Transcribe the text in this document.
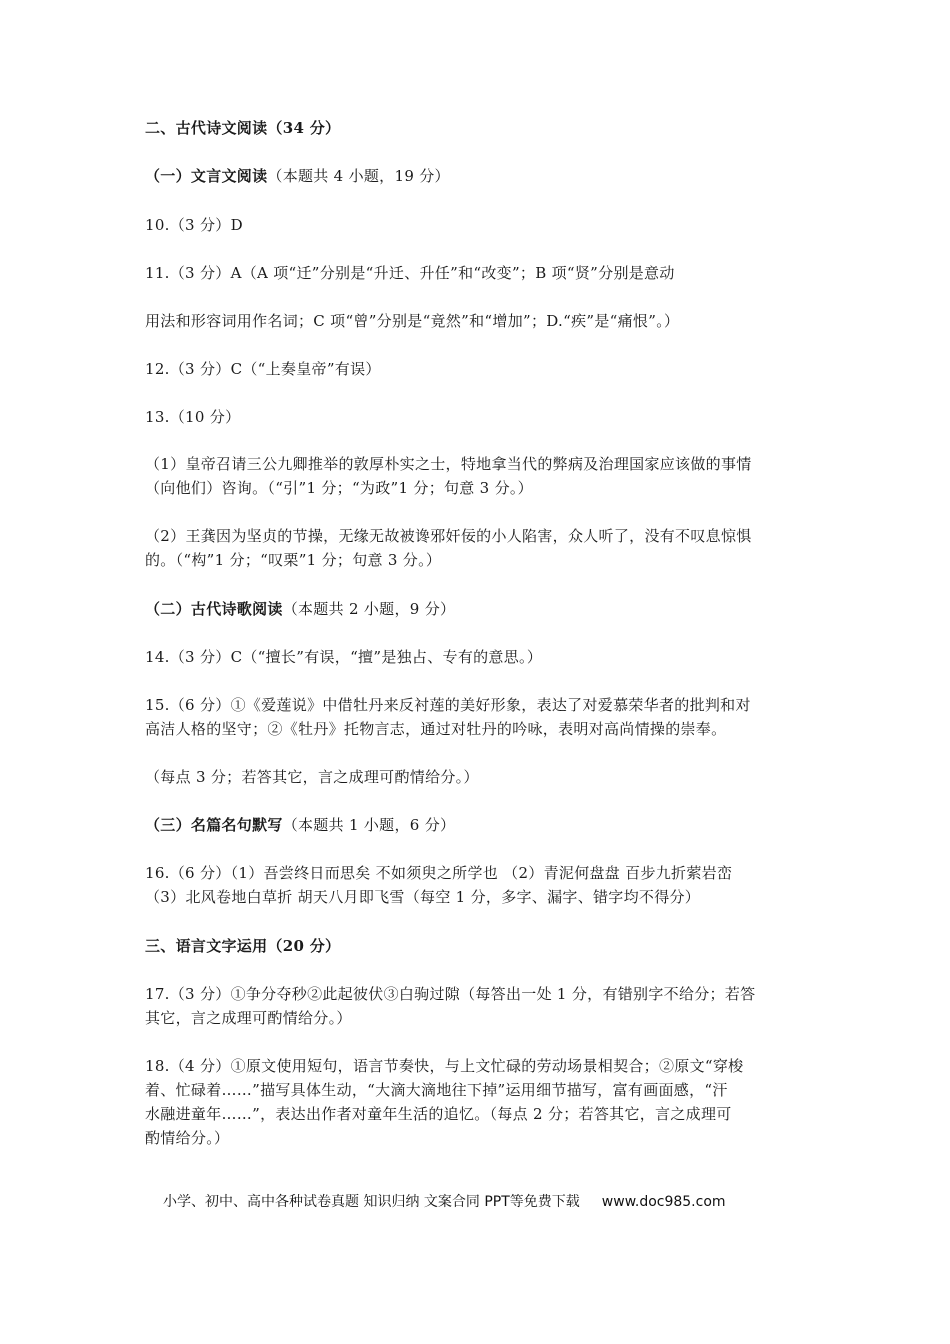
二、古代诗文阅读（34 分）
（一）文言文阅读（本题共 4 小题，19 分）
10.（3 分）D
11.（3 分）A（A 项“迁”分别是“升迁、升任”和“改变”；B 项“贤”分别是意动
用法和形容词用作名词；C 项“曾”分别是“竟然”和“增加”；D.“疾”是“痛恨”。）
12.（3 分）C（“上奏皇帝”有误）
13.（10 分）
（1）皇帝召请三公九卿推举的敦厚朴实之士，特地拿当代的弊病及治理国家应该做的事情
（向他们）咨询。（“引”1 分；“为政”1 分；句意 3 分。）
（2）王龚因为坚贞的节操，无缘无故被谗邪奸佞的小人陷害，众人听了，没有不叹息惊惧
的。（“构”1 分；“叹栗”1 分；句意 3 分。）
（二）古代诗歌阅读（本题共 2 小题，9 分）
14.（3 分）C（“擅长”有误，“擅”是独占、专有的意思。）
15.（6 分）①《爱莲说》中借牡丹来反衬莲的美好形象，表达了对爱慕荣华者的批判和对
高洁人格的坚守；②《牡丹》托物言志，通过对牡丹的吟咏，表明对高尚情操的崇奉。
（每点 3 分；若答其它，言之成理可酌情给分。）
（三）名篇名句默写（本题共 1 小题，6 分）
16.（6 分）（1）吾尝终日而思矣 不如须臾之所学也 （2）青泥何盘盘 百步九折萦岩峦
（3）北风卷地白草折 胡天八月即飞雪（每空 1 分，多字、漏字、错字均不得分）
三、语言文字运用（20 分）
17.（3 分）①争分夺秒②此起彼伏③白驹过隙（每答出一处 1 分，有错别字不给分；若答
其它，言之成理可酌情给分。）
18.（4 分）①原文使用短句，语言节奏快，与上文忙碌的劳动场景相契合；②原文“穿梭
着、忙碌着……”描写具体生动，“大滴大滴地往下掉”运用细节描写，富有画面感，“汗
水融进童年……”，表达出作者对童年生活的追忆。（每点 2 分；若答其它，言之成理可
酌情给分。）
小学、初中、高中各种试卷真题 知识归纳 文案合同 PPT等免费下载 www.doc985.com
